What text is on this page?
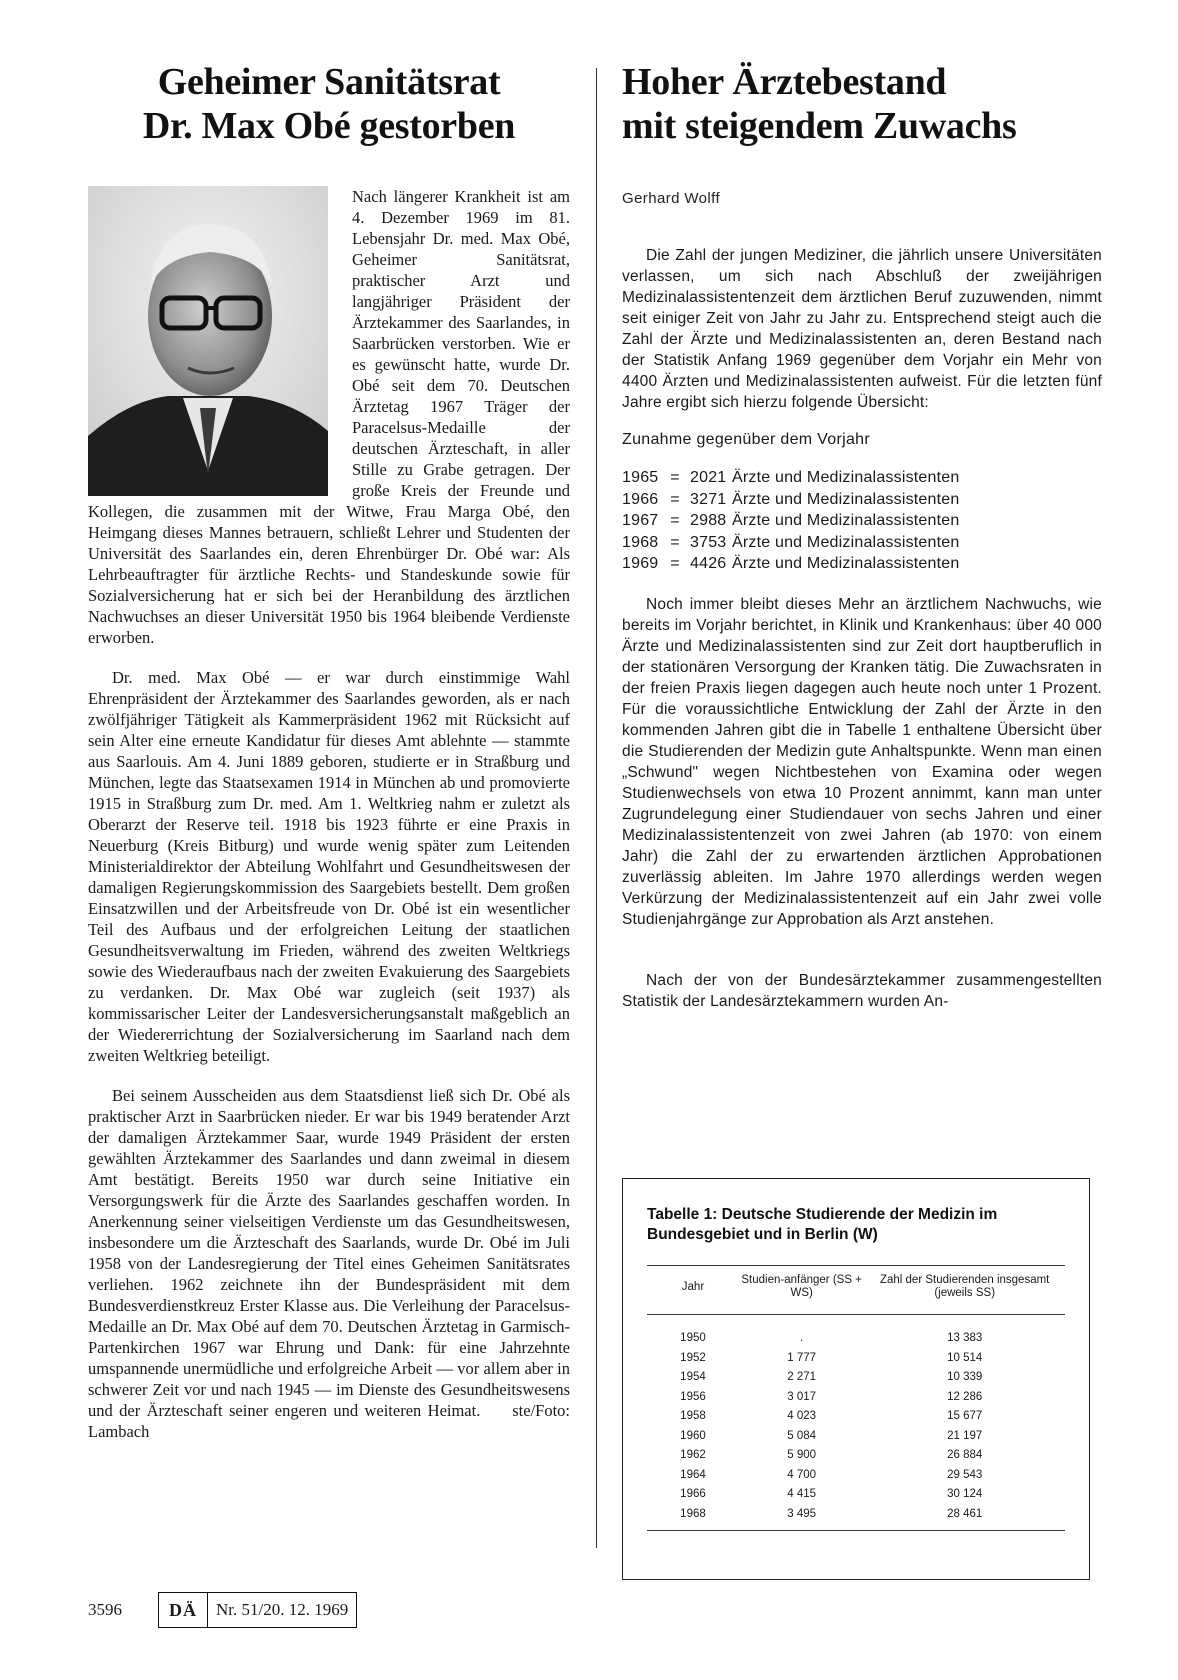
Geheimer Sanitätsrat
Dr. Max Obé gestorben

Nach längerer Krankheit ist am 4. Dezember 1969 im 81. Lebensjahr Dr. med. Max Obé, Geheimer Sanitätsrat, praktischer Arzt und langjähriger Präsident der Ärztekammer des Saarlandes, in Saarbrücken verstorben. Wie er es gewünscht hatte, wurde Dr. Obé seit dem 70. Deutschen Ärztetag 1967 Träger der Paracelsus-Medaille der deutschen Ärzteschaft, in aller Stille zu Grabe getragen. Der große Kreis der Freunde und Kollegen, die zusammen mit der Witwe, Frau Marga Obé, den Heimgang dieses Mannes betrauern, schließt Lehrer und Studenten der Universität des Saarlandes ein, deren Ehrenbürger Dr. Obé war: Als Lehrbeauftragter für ärztliche Rechts- und Standeskunde sowie für Sozialversicherung hat er sich bei der Heranbildung des ärztlichen Nachwuchses an dieser Universität 1950 bis 1964 bleibende Verdienste erworben.

Dr. med. Max Obé — er war durch einstimmige Wahl Ehrenpräsident der Ärztekammer des Saarlandes geworden, als er nach zwölfjähriger Tätigkeit als Kammerpräsident 1962 mit Rücksicht auf sein Alter eine erneute Kandidatur für dieses Amt ablehnte — stammte aus Saarlouis. Am 4. Juni 1889 geboren, studierte er in Straßburg und München, legte das Staatsexamen 1914 in München ab und promovierte 1915 in Straßburg zum Dr. med. Am 1. Weltkrieg nahm er zuletzt als Oberarzt der Reserve teil. 1918 bis 1923 führte er eine Praxis in Neuerburg (Kreis Bitburg) und wurde wenig später zum Leitenden Ministerialdirektor der Abteilung Wohlfahrt und Gesundheitswesen der damaligen Regierungskommission des Saargebiets bestellt. Dem großen Einsatzwillen und der Arbeitsfreude von Dr. Obé ist ein wesentlicher Teil des Aufbaus und der erfolgreichen Leitung der staatlichen Gesundheitsverwaltung im Frieden, während des zweiten Weltkriegs sowie des Wiederaufbaus nach der zweiten Evakuierung des Saargebiets zu verdanken. Dr. Max Obé war zugleich (seit 1937) als kommissarischer Leiter der Landesversicherungsanstalt maßgeblich an der Wiedererrichtung der Sozialversicherung im Saarland nach dem zweiten Weltkrieg beteiligt.

Bei seinem Ausscheiden aus dem Staatsdienst ließ sich Dr. Obé als praktischer Arzt in Saarbrücken nieder. Er war bis 1949 beratender Arzt der damaligen Ärztekammer Saar, wurde 1949 Präsident der ersten gewählten Ärztekammer des Saarlandes und dann zweimal in diesem Amt bestätigt. Bereits 1950 war durch seine Initiative ein Versorgungswerk für die Ärzte des Saarlandes geschaffen worden. In Anerkennung seiner vielseitigen Verdienste um das Gesundheitswesen, insbesondere um die Ärzteschaft des Saarlands, wurde Dr. Obé im Juli 1958 von der Landesregierung der Titel eines Geheimen Sanitätsrates verliehen. 1962 zeichnete ihn der Bundespräsident mit dem Bundesverdienstkreuz Erster Klasse aus. Die Verleihung der Paracelsus-Medaille an Dr. Max Obé auf dem 70. Deutschen Ärztetag in Garmisch-Partenkirchen 1967 war Ehrung und Dank: für eine Jahrzehnte umspannende unermüdliche und erfolgreiche Arbeit — vor allem aber in schwerer Zeit vor und nach 1945 — im Dienste des Gesundheitswesens und der Ärzteschaft seiner engeren und weiteren Heimat. ste/Foto: Lambach

Hoher Ärztebestand
mit steigendem Zuwachs
Gerhard Wolff

Die Zahl der jungen Mediziner, die jährlich unsere Universitäten verlassen, um sich nach Abschluß der zweijährigen Medizinalassistentenzeit dem ärztlichen Beruf zuzuwenden, nimmt seit einiger Zeit von Jahr zu Jahr zu. Entsprechend steigt auch die Zahl der Ärzte und Medizinalassistenten an, deren Bestand nach der Statistik Anfang 1969 gegenüber dem Vorjahr ein Mehr von 4400 Ärzten und Medizinalassistenten aufweist. Für die letzten fünf Jahre ergibt sich hierzu folgende Übersicht:

Zunahme gegenüber dem Vorjahr
1965 = 2021 Ärzte und Medizinalassistenten
1966 = 3271 Ärzte und Medizinalassistenten
1967 = 2988 Ärzte und Medizinalassistenten
1968 = 3753 Ärzte und Medizinalassistenten
1969 = 4426 Ärzte und Medizinalassistenten

Noch immer bleibt dieses Mehr an ärztlichem Nachwuchs, wie bereits im Vorjahr berichtet, in Klinik und Krankenhaus: über 40 000 Ärzte und Medizinalassistenten sind zur Zeit dort hauptberuflich in der stationären Versorgung der Kranken tätig. Die Zuwachsraten in der freien Praxis liegen dagegen auch heute noch unter 1 Prozent. Für die voraussichtliche Entwicklung der Zahl der Ärzte in den kommenden Jahren gibt die in Tabelle 1 enthaltene Übersicht über die Studierenden der Medizin gute Anhaltspunkte. Wenn man einen „Schwund" wegen Nichtbestehen von Examina oder wegen Studienwechsels von etwa 10 Prozent annimmt, kann man unter Zugrundelegung einer Studiendauer von sechs Jahren und einer Medizinalassistentenzeit von zwei Jahren (ab 1970: von einem Jahr) die Zahl der zu erwartenden ärztlichen Approbationen zuverlässig ableiten. Im Jahre 1970 allerdings werden wegen Verkürzung der Medizinalassistentenzeit auf ein Jahr zwei volle Studienjahrgänge zur Approbation als Arzt anstehen.

Nach der von der Bundesärztekammer zusammengestellten Statistik der Landesärztekammern wurden An-

Tabelle 1: Deutsche Studierende der Medizin im Bundesgebiet und in Berlin (W)
Jahr	Studien-anfänger (SS + WS)	Zahl der Studierenden insgesamt (jeweils SS)
1950	.	13 383
1952	1 777	10 514
1954	2 271	10 339
1956	3 017	12 286
1958	4 023	15 677
1960	5 084	21 197
1962	5 900	26 884
1964	4 700	29 543
1966	4 415	30 124
1968	3 495	28 461
3596	DÄ	Nr. 51/20. 12. 1969
